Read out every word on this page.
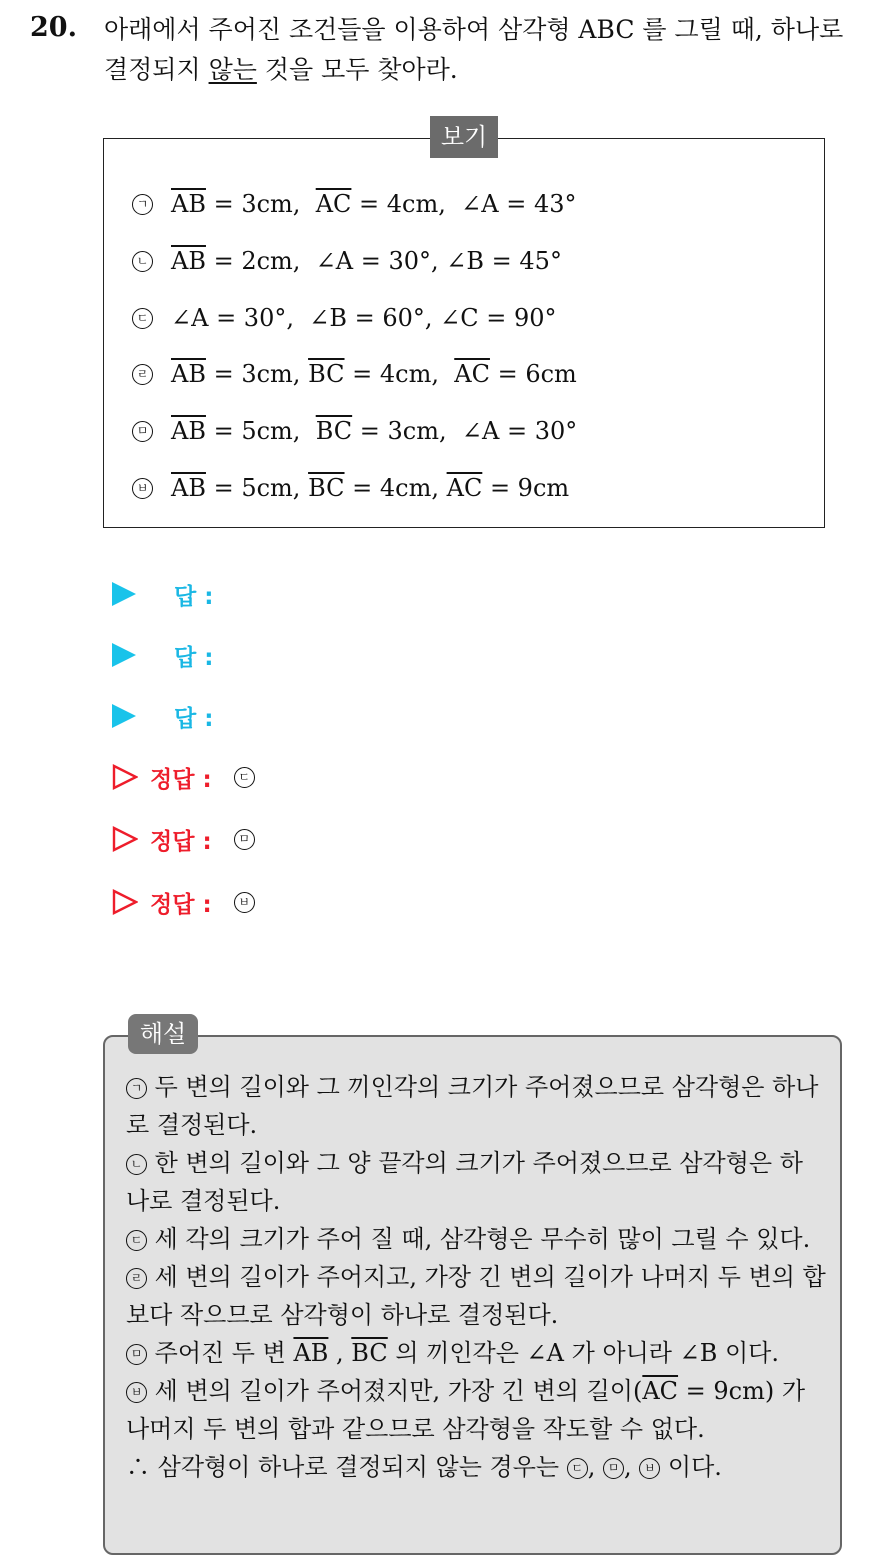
20. 아래에서 주어진 조건들을 이용하여 삼각형 ABC 를 그릴 때, 하나로
결정되지 않는 것을 모두 찾아라.
보기
ㄱ $\overline{AB} = 3cm$, $\overline{AC} = 4cm$,  ∠A = 43°
ㄴ $\overline{AB} = 2cm$,  ∠A = 30°, ∠B = 45°
ㄷ ∠A = 30°,  ∠B = 60°, ∠C = 90°
ㄹ $\overline{AB} = 3cm$, $\overline{BC} = 4cm$, $\overline{AC} = 6cm$
ㅁ $\overline{AB} = 5cm$, $\overline{BC} = 3cm$,  ∠A = 30°
ㅂ $\overline{AB} = 5cm$, $\overline{BC} = 4cm$, $\overline{AC} = 9cm$
답 :
답 :
답 :
정답 :	ㄷ
정답 :	ㅁ
정답 :	ㅂ
해설

ㄱ 두 변의 길이와 그 끼인각의 크기가 주어졌으므로 삼각형은 하나로 결정된다.

ㄴ 한 변의 길이와 그 양 끝각의 크기가 주어졌으므로 삼각형은 하나로 결정된다.

ㄷ 세 각의 크기가 주어 질 때, 삼각형은 무수히 많이 그릴 수 있다.

ㄹ 세 변의 길이가 주어지고, 가장 긴 변의 길이가 나머지 두 변의 합보다 작으므로 삼각형이 하나로 결정된다.

ㅁ 주어진 두 변 $\overline{AB}$ , $\overline{BC}$ 의 끼인각은 ∠A 가 아니라 ∠B 이다.

ㅂ 세 변의 길이가 주어졌지만, 가장 긴 변의 길이$(\overline{AC} = 9cm)$ 가 나머지 두 변의 합과 같으므로 삼각형을 작도할 수 없다.

∴ 삼각형이 하나로 결정되지 않는 경우는 ㄷ , ㅁ , ㅂ 이다.
